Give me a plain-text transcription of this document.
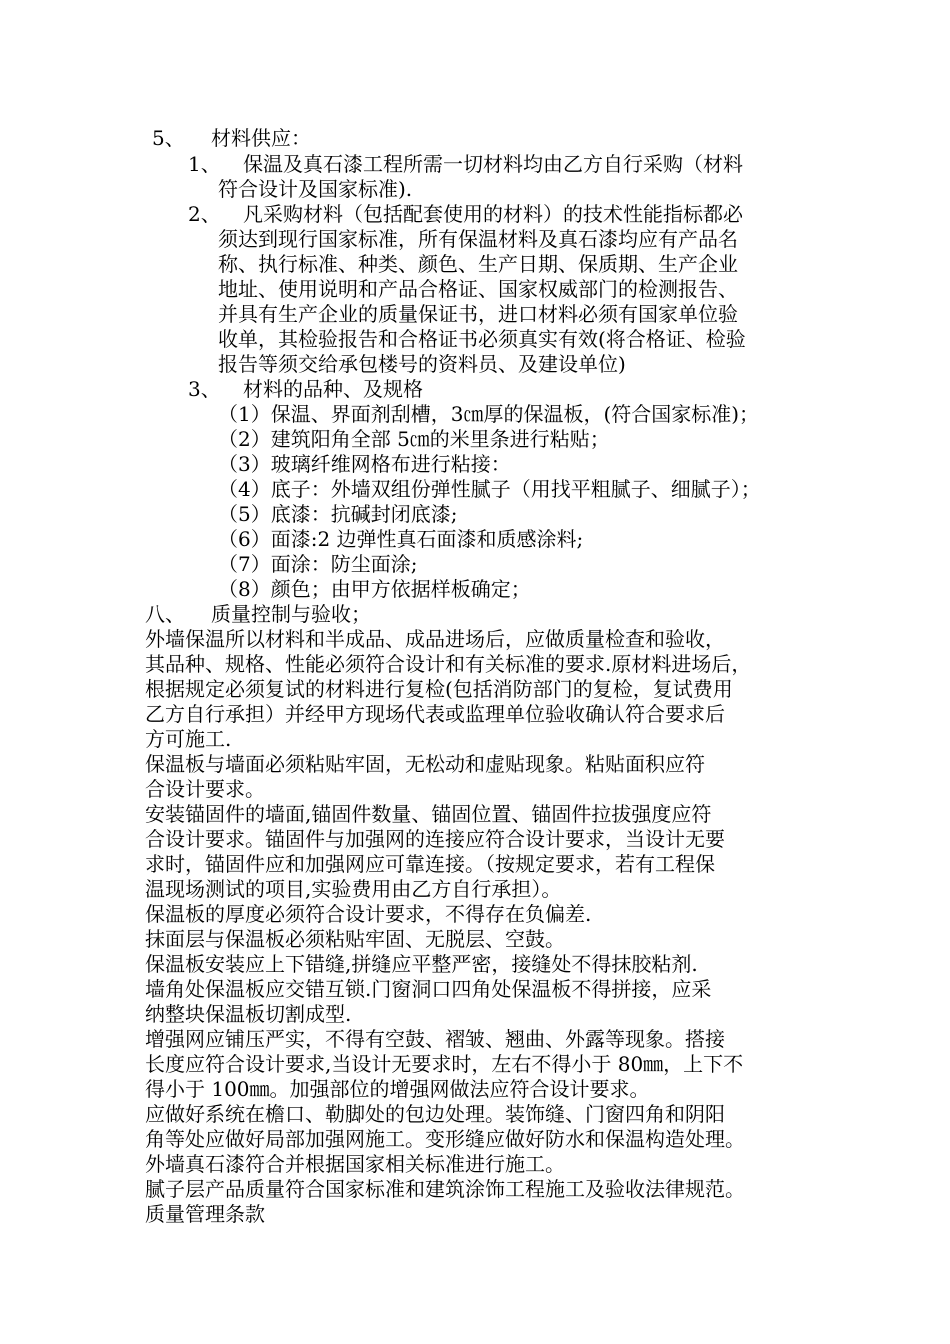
5、 材料供应：
1、 保温及真石漆工程所需一切材料均由乙方自行采购（材料
符合设计及国家标准).
2、 凡采购材料（包括配套使用的材料）的技术性能指标都必
须达到现行国家标准，所有保温材料及真石漆均应有产品名
称、执行标准、种类、颜色、生产日期、保质期、生产企业
地址、使用说明和产品合格证、国家权威部门的检测报告、
并具有生产企业的质量保证书，进口材料必须有国家单位验
收单，其检验报告和合格证书必须真实有效(将合格证、检验
报告等须交给承包楼号的资料员、及建设单位)
3、 材料的品种、及规格
（1）保温、界面剂刮槽，3㎝厚的保温板，(符合国家标准)；
（2）建筑阳角全部 5㎝的米里条进行粘贴；
（3）玻璃纤维网格布进行粘接：
（4）底子：外墙双组份弹性腻子（用找平粗腻子、细腻子）；
（5）底漆：抗碱封闭底漆;
（6）面漆:2 边弹性真石面漆和质感涂料;
（7）面涂：防尘面涂;
（8）颜色；由甲方依据样板确定；
八、 质量控制与验收；
外墙保温所以材料和半成品、成品进场后，应做质量检查和验收，
其品种、规格、性能必须符合设计和有关标准的要求.原材料进场后，
根据规定必须复试的材料进行复检(包括消防部门的复检，复试费用
乙方自行承担）并经甲方现场代表或监理单位验收确认符合要求后
方可施工.
保温板与墙面必须粘贴牢固，无松动和虚贴现象。粘贴面积应符
合设计要求。
安装锚固件的墙面,锚固件数量、锚固位置、锚固件拉拔强度应符
合设计要求。锚固件与加强网的连接应符合设计要求，当设计无要
求时，锚固件应和加强网应可靠连接。（按规定要求，若有工程保
温现场测试的项目,实验费用由乙方自行承担）。
保温板的厚度必须符合设计要求，不得存在负偏差.
抹面层与保温板必须粘贴牢固、无脱层、空鼓。
保温板安装应上下错缝,拼缝应平整严密，接缝处不得抹胶粘剂.
墙角处保温板应交错互锁.门窗洞口四角处保温板不得拼接，应采
纳整块保温板切割成型.
增强网应铺压严实，不得有空鼓、褶皱、翘曲、外露等现象。搭接
长度应符合设计要求,当设计无要求时，左右不得小于 80㎜，上下不
得小于 100㎜。加强部位的增强网做法应符合设计要求。
应做好系统在檐口、勒脚处的包边处理。装饰缝、门窗四角和阴阳
角等处应做好局部加强网施工。变形缝应做好防水和保温构造处理。
外墙真石漆符合并根据国家相关标准进行施工。
腻子层产品质量符合国家标准和建筑涂饰工程施工及验收法律规范。
质量管理条款
